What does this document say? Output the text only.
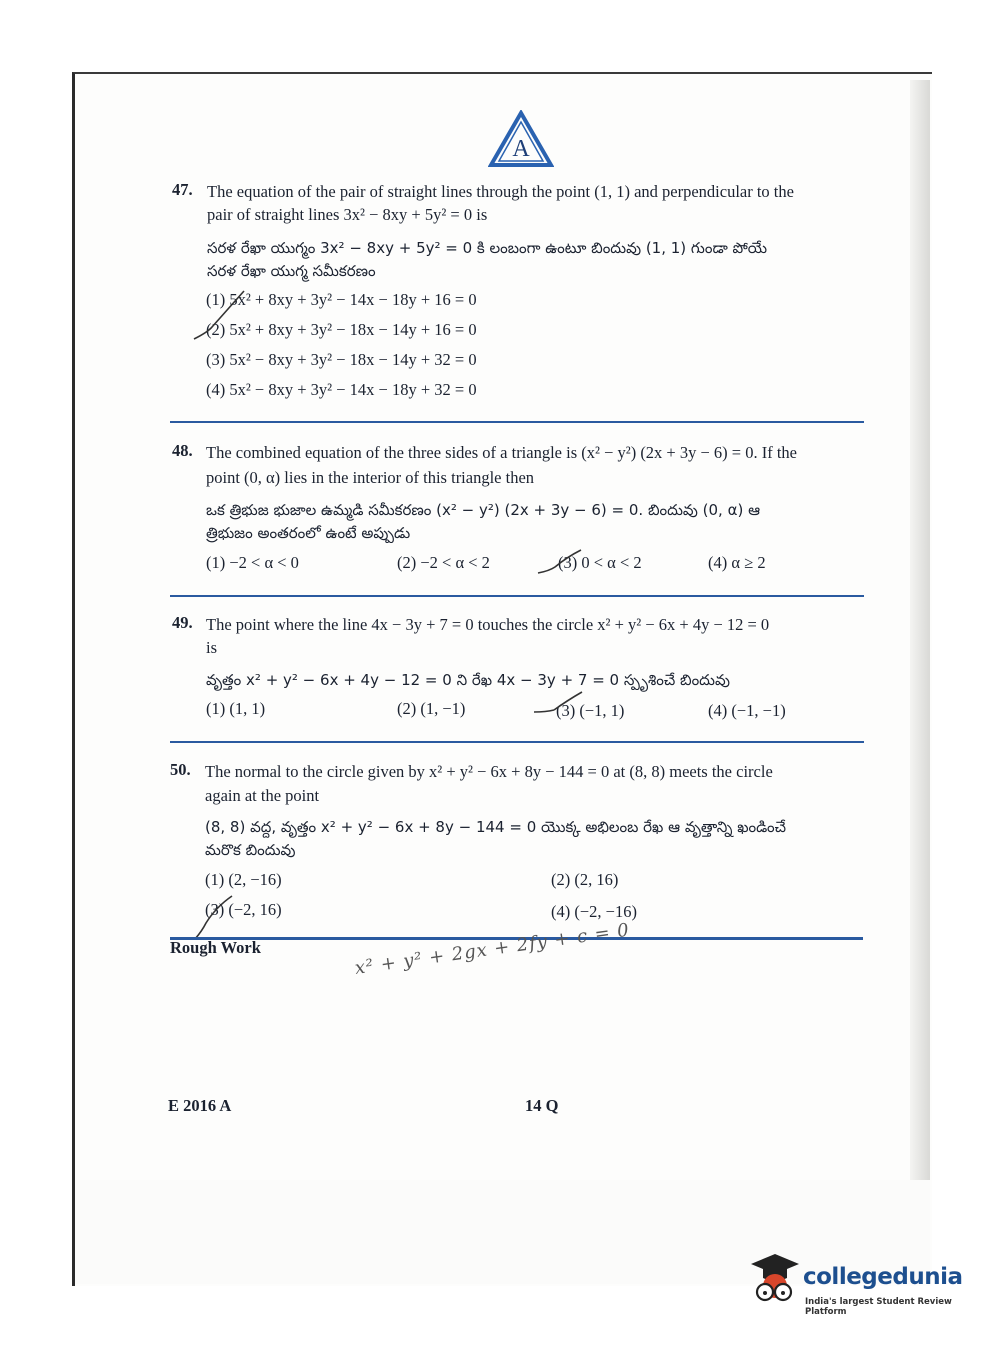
A
47. The equation of the pair of straight lines through the point (1, 1) and perpendicular to the
pair of straight lines 3x² − 8xy + 5y² = 0 is
సరళ రేఖా యుగ్మం 3x² − 8xy + 5y² = 0 కి లంబంగా ఉంటూ బిందువు (1, 1) గుండా పోయే
సరళ రేఖా యుగ్మ సమీకరణం
(1) 5x² + 8xy + 3y² − 14x − 18y + 16 = 0
(2) 5x² + 8xy + 3y² − 18x − 14y + 16 = 0
(3) 5x² − 8xy + 3y² − 18x − 14y + 32 = 0
(4) 5x² − 8xy + 3y² − 14x − 18y + 32 = 0
48. The combined equation of the three sides of a triangle is (x² − y²) (2x + 3y − 6) = 0. If the
point (0, α) lies in the interior of this triangle then
ఒక త్రిభుజ భుజాల ఉమ్మడి సమీకరణం (x² − y²) (2x + 3y − 6) = 0. బిందువు (0, α) ఆ
త్రిభుజం అంతరంలో ఉంటే అప్పుడు
(1) −2 < α < 0	(2) −2 < α < 2	(3) 0 < α < 2	(4) α ≥ 2
49. The point where the line 4x − 3y + 7 = 0 touches the circle x² + y² − 6x + 4y − 12 = 0
is
వృత్తం x² + y² − 6x + 4y − 12 = 0 ని రేఖ 4x − 3y + 7 = 0 స్పృశించే బిందువు
(1) (1, 1)	(2) (1, −1)	(3) (−1, 1)	(4) (−1, −1)
50. The normal to the circle given by x² + y² − 6x + 8y − 144 = 0 at (8, 8) meets the circle
again at the point
(8, 8) వద్ద, వృత్తం x² + y² − 6x + 8y − 144 = 0 యొక్క అభిలంబ రేఖ ఆ వృత్తాన్ని ఖండించే
మరొక బిందువు
(1) (2, −16)	(2) (2, 16)
(3) (−2, 16)	(4) (−2, −16)
Rough Work	x² + y² + 2gx + 2fy + c = 0
E 2016 A	14 Q
collegedunia
India's largest Student Review Platform
